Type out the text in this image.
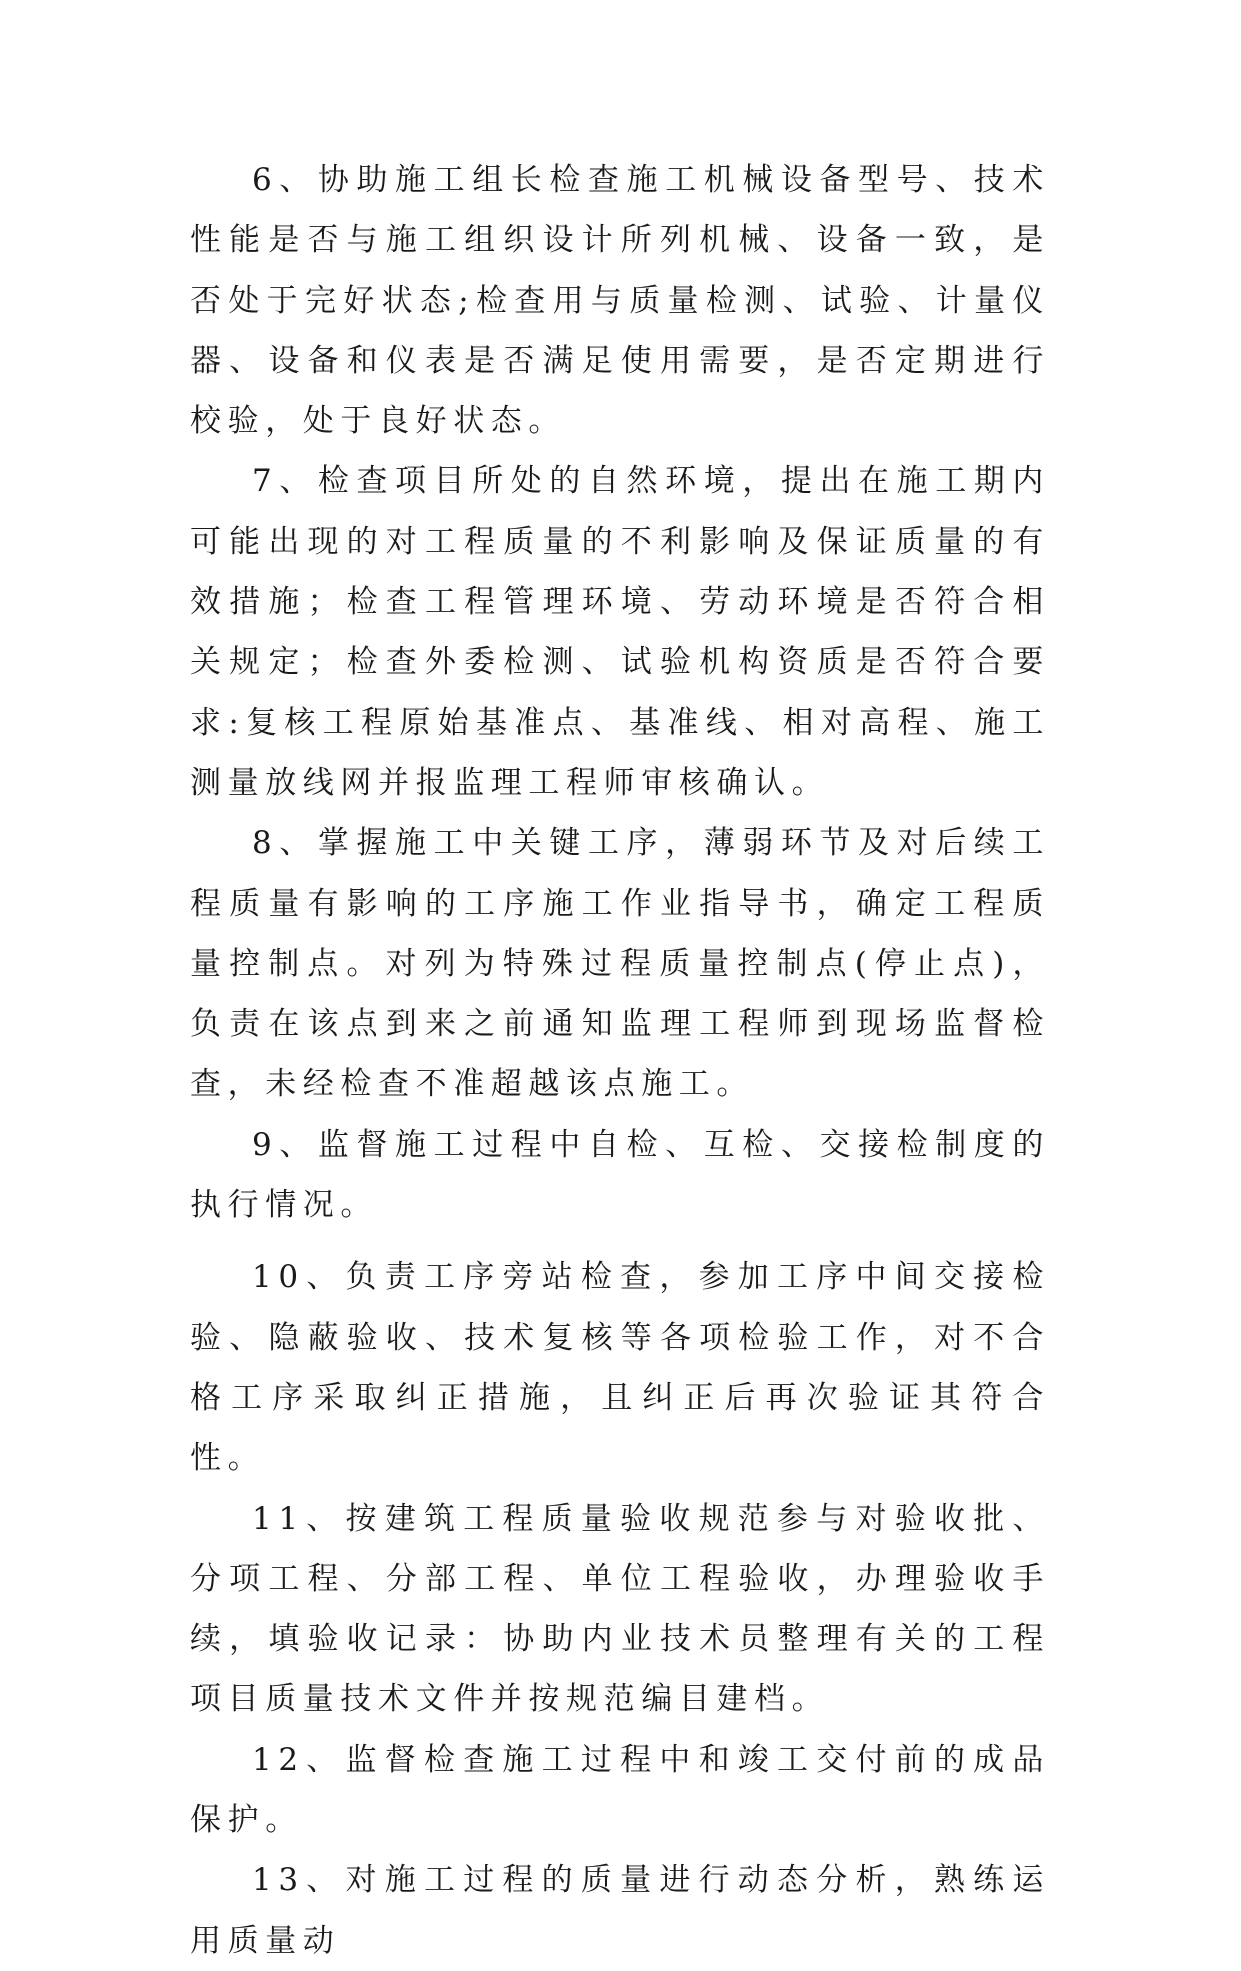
6、协助施工组长检查施工机械设备型号、技术性能是否与施工组织设计所列机械、设备一致，是否处于完好状态;检查用与质量检测、试验、计量仪器、设备和仪表是否满足使用需要，是否定期进行校验，处于良好状态。

7、检查项目所处的自然环境，提出在施工期内可能出现的对工程质量的不利影响及保证质量的有效措施；检查工程管理环境、劳动环境是否符合相关规定；检查外委检测、试验机构资质是否符合要求:复核工程原始基准点、基准线、相对高程、施工测量放线网并报监理工程师审核确认。

8、掌握施工中关键工序，薄弱环节及对后续工程质量有影响的工序施工作业指导书，确定工程质量控制点。对列为特殊过程质量控制点(停止点)，负责在该点到来之前通知监理工程师到现场监督检查，未经检查不准超越该点施工。

9、监督施工过程中自检、互检、交接检制度的执行情况。

10、负责工序旁站检查，参加工序中间交接检验、隐蔽验收、技术复核等各项检验工作，对不合格工序采取纠正措施，且纠正后再次验证其符合性。

11、按建筑工程质量验收规范参与对验收批、分项工程、分部工程、单位工程验收，办理验收手续，填验收记录：协助内业技术员整理有关的工程项目质量技术文件并按规范编目建档。

12、监督检查施工过程中和竣工交付前的成品保护。

13、对施工过程的质量进行动态分析，熟练运用质量动
